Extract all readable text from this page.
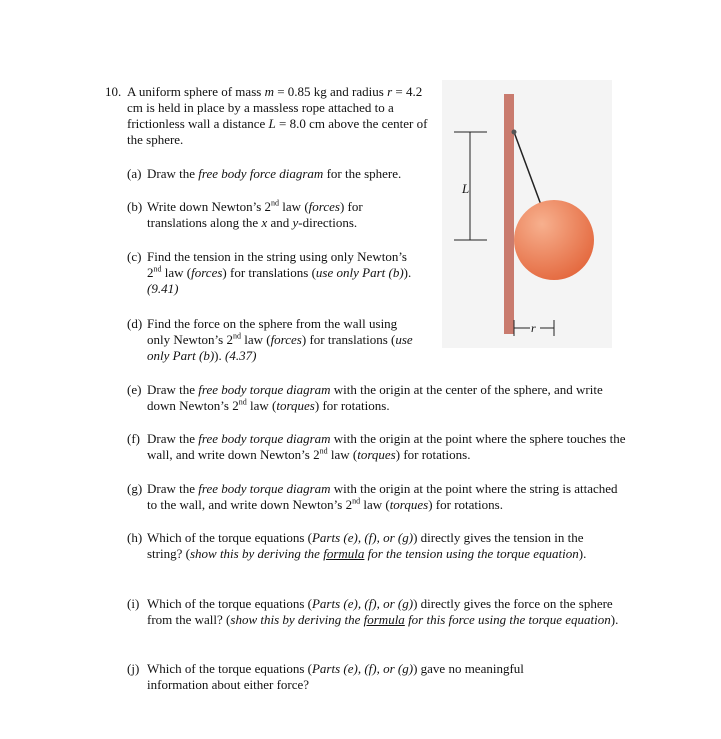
10. A uniform sphere of mass m = 0.85 kg and radius r = 4.2 cm is held in place by a massless rope attached to a frictionless wall a distance L = 8.0 cm above the center of the sphere.
(a) Draw the free body force diagram for the sphere.
(b) Write down Newton’s 2nd law (forces) for translations along the x and y-directions.
(c) Find the tension in the string using only Newton’s 2nd law (forces) for translations (use only Part (b)). (9.41)
(d) Find the force on the sphere from the wall using only Newton’s 2nd law (forces) for translations (use only Part (b)). (4.37)
(e) Draw the free body torque diagram with the origin at the center of the sphere, and write down Newton’s 2nd law (torques) for rotations.
(f) Draw the free body torque diagram with the origin at the point where the sphere touches the wall, and write down Newton’s 2nd law (torques) for rotations.
(g) Draw the free body torque diagram with the origin at the point where the string is attached to the wall, and write down Newton’s 2nd law (torques) for rotations.
(h) Which of the torque equations (Parts (e), (f), or (g)) directly gives the tension in the string? (show this by deriving the formula for the tension using the torque equation).
(i) Which of the torque equations (Parts (e), (f), or (g)) directly gives the force on the sphere from the wall? (show this by deriving the formula for this force using the torque equation).
(j) Which of the torque equations (Parts (e), (f), or (g)) gave no meaningful information about either force?
L
r
